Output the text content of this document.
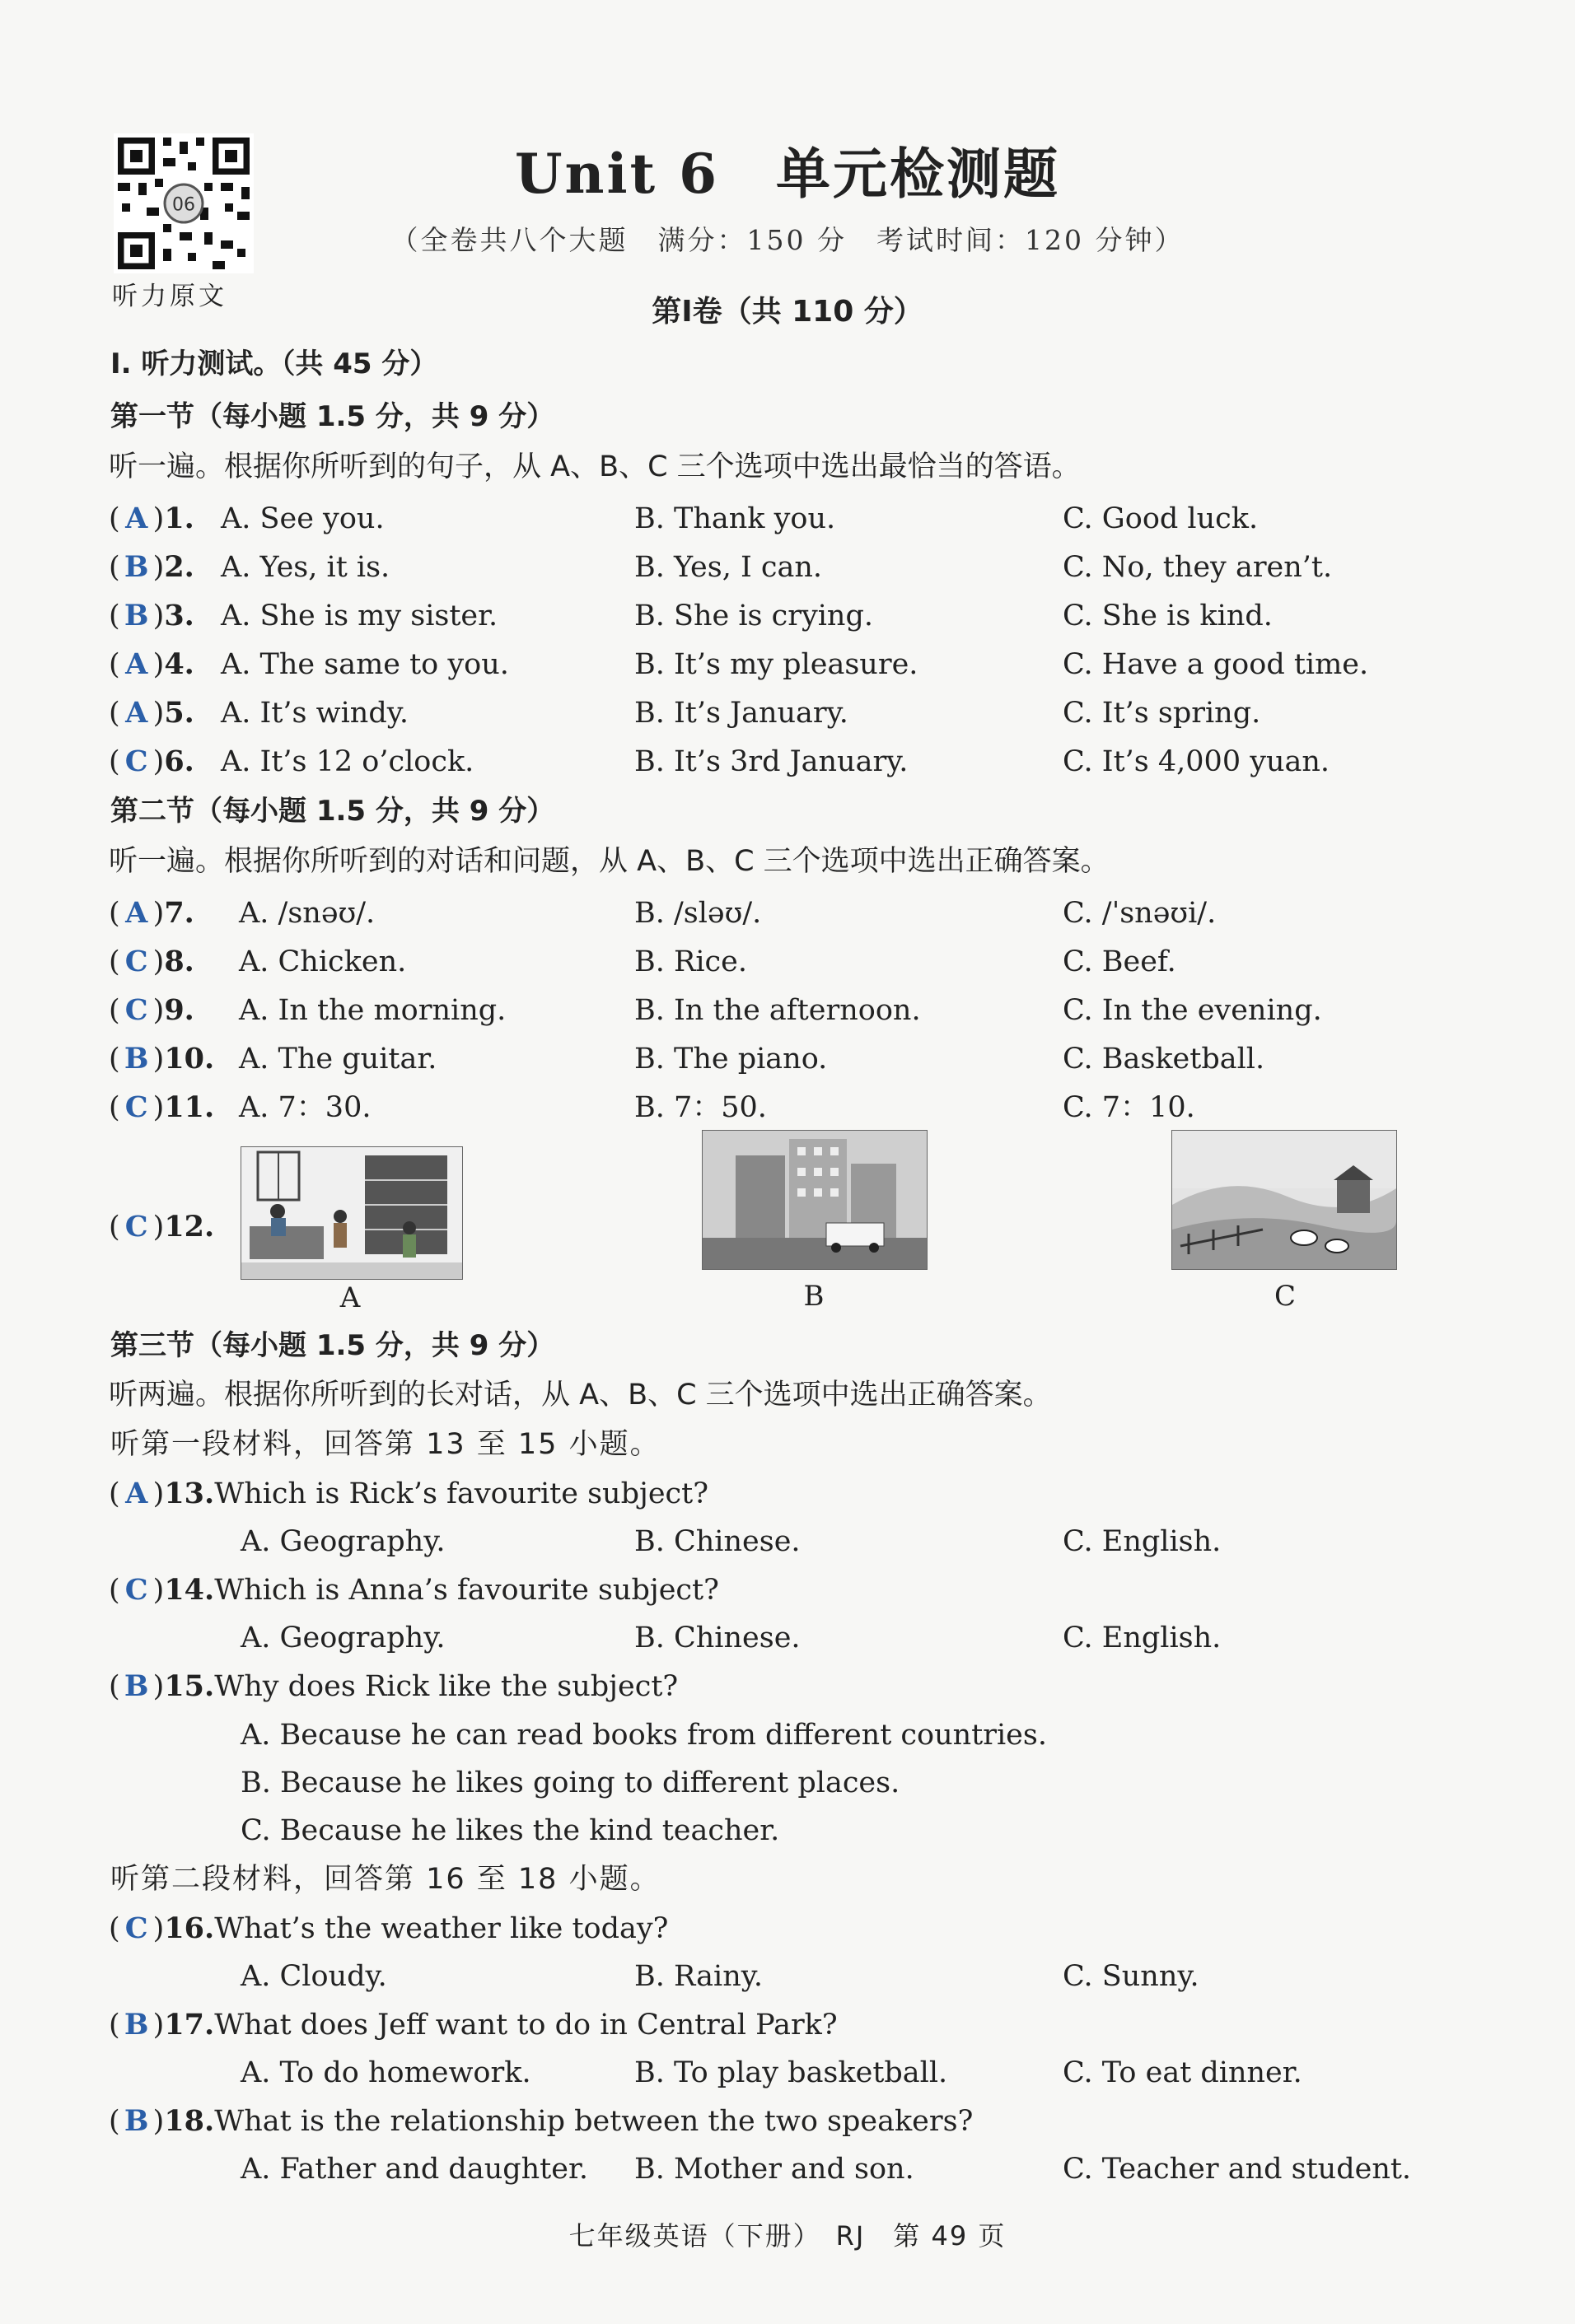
06
听力原文
Unit 6　单元检测题
（全卷共八个大题　满分：150 分　考试时间：120 分钟）
第Ⅰ卷（共 110 分）
Ⅰ. 听力测试。（共 45 分）
第一节（每小题 1.5 分，共 9 分）
听一遍。根据你所听到的句子，从 A、B、C 三个选项中选出最恰当的答语。
( A )1. A. See you.	B. Thank you.	C. Good luck.
( B )2. A. Yes, it is.	B. Yes, I can.	C. No, they aren’t.
( B )3. A. She is my sister.	B. She is crying.	C. She is kind.
( A )4. A. The same to you.	B. It’s my pleasure.	C. Have a good time.
( A )5. A. It’s windy.	B. It’s January.	C. It’s spring.
( C )6. A. It’s 12 o’clock.	B. It’s 3rd January.	C. It’s 4,000 yuan.
第二节（每小题 1.5 分，共 9 分）
听一遍。根据你所听到的对话和问题，从 A、B、C 三个选项中选出正确答案。
( A )7. A. /snəʊ/.	B. /sləʊ/.	C. /ˈsnəʊi/.
( C )8. A. Chicken.	B. Rice.	C. Beef.
( C )9. A. In the morning.	B. In the afternoon.	C. In the evening.
( B )10. A. The guitar.	B. The piano.	C. Basketball.
( C )11. A. 7：30.	B. 7：50.	C. 7：10.
( C )12.
A	B	C
第三节（每小题 1.5 分，共 9 分）
听两遍。根据你所听到的长对话，从 A、B、C 三个选项中选出正确答案。
听第一段材料，回答第 13 至 15 小题。
( A )13.Which is Rick’s favourite subject?
A. Geography.	B. Chinese.	C. English.
( C )14.Which is Anna’s favourite subject?
A. Geography.	B. Chinese.	C. English.
( B )15.Why does Rick like the subject?
A. Because he can read books from different countries.
B. Because he likes going to different places.
C. Because he likes the kind teacher.
听第二段材料，回答第 16 至 18 小题。
( C )16.What’s the weather like today?
A. Cloudy.	B. Rainy.	C. Sunny.
( B )17.What does Jeff want to do in Central Park?
A. To do homework.	B. To play basketball.	C. To eat dinner.
( B )18.What is the relationship between the two speakers?
A. Father and daughter. B. Mother and son.	C. Teacher and student.
七年级英语（下册）　RJ　第 49 页
